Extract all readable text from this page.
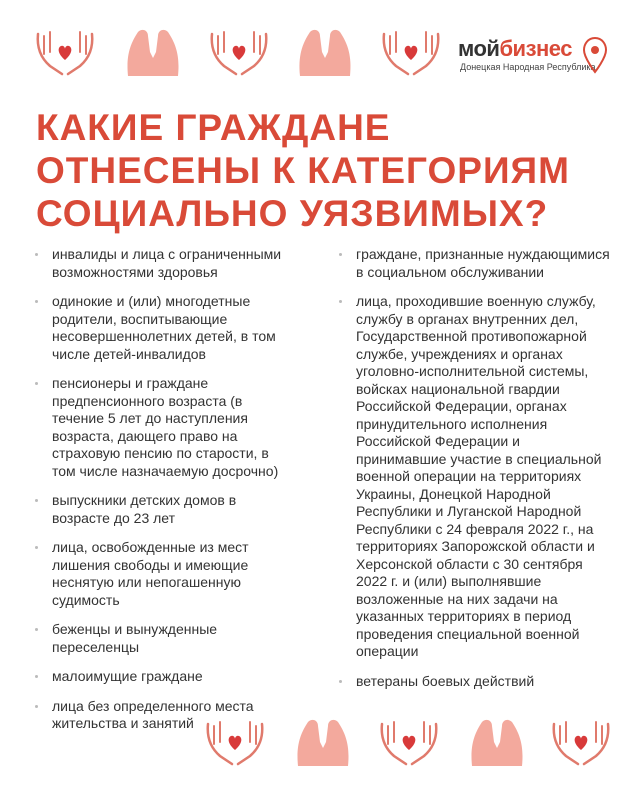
мойбизнес
Донецкая Народная Республика
КАКИЕ ГРАЖДАНЕ ОТНЕСЕНЫ К КАТЕГОРИЯМ СОЦИАЛЬНО УЯЗВИМЫХ?
инвалиды и лица с ограниченными возможностями здоровья
одинокие и (или) многодетные родители, воспитывающие несовершеннолетних детей, в том числе детей-инвалидов
пенсионеры и граждане предпенсионного возраста (в течение 5 лет до наступления возраста, дающего право на страховую пенсию по старости, в том числе назначаемую досрочно)
выпускники детских домов в возрасте до 23 лет
лица, освобожденные из мест лишения свободы и имеющие неснятую или непогашенную судимость
беженцы и вынужденные переселенцы
малоимущие граждане
лица без определенного места жительства и занятий
граждане, признанные нуждающимися в социальном обслуживании
лица, проходившие военную службу, службу в органах внутренних дел, Государственной противопожарной службе, учреждениях и органах уголовно-исполнительной системы, войсках национальной гвардии Российской Федерации, органах принудительного исполнения Российской Федерации и принимавшие участие в специальной военной операции на территориях Украины, Донецкой Народной Республики и Луганской Народной Республики с 24 февраля 2022 г., на территориях Запорожской области и Херсонской области с 30 сентября 2022 г. и (или) выполнявшие возложенные на них задачи на указанных территориях в период проведения специальной военной операции
ветераны боевых действий
